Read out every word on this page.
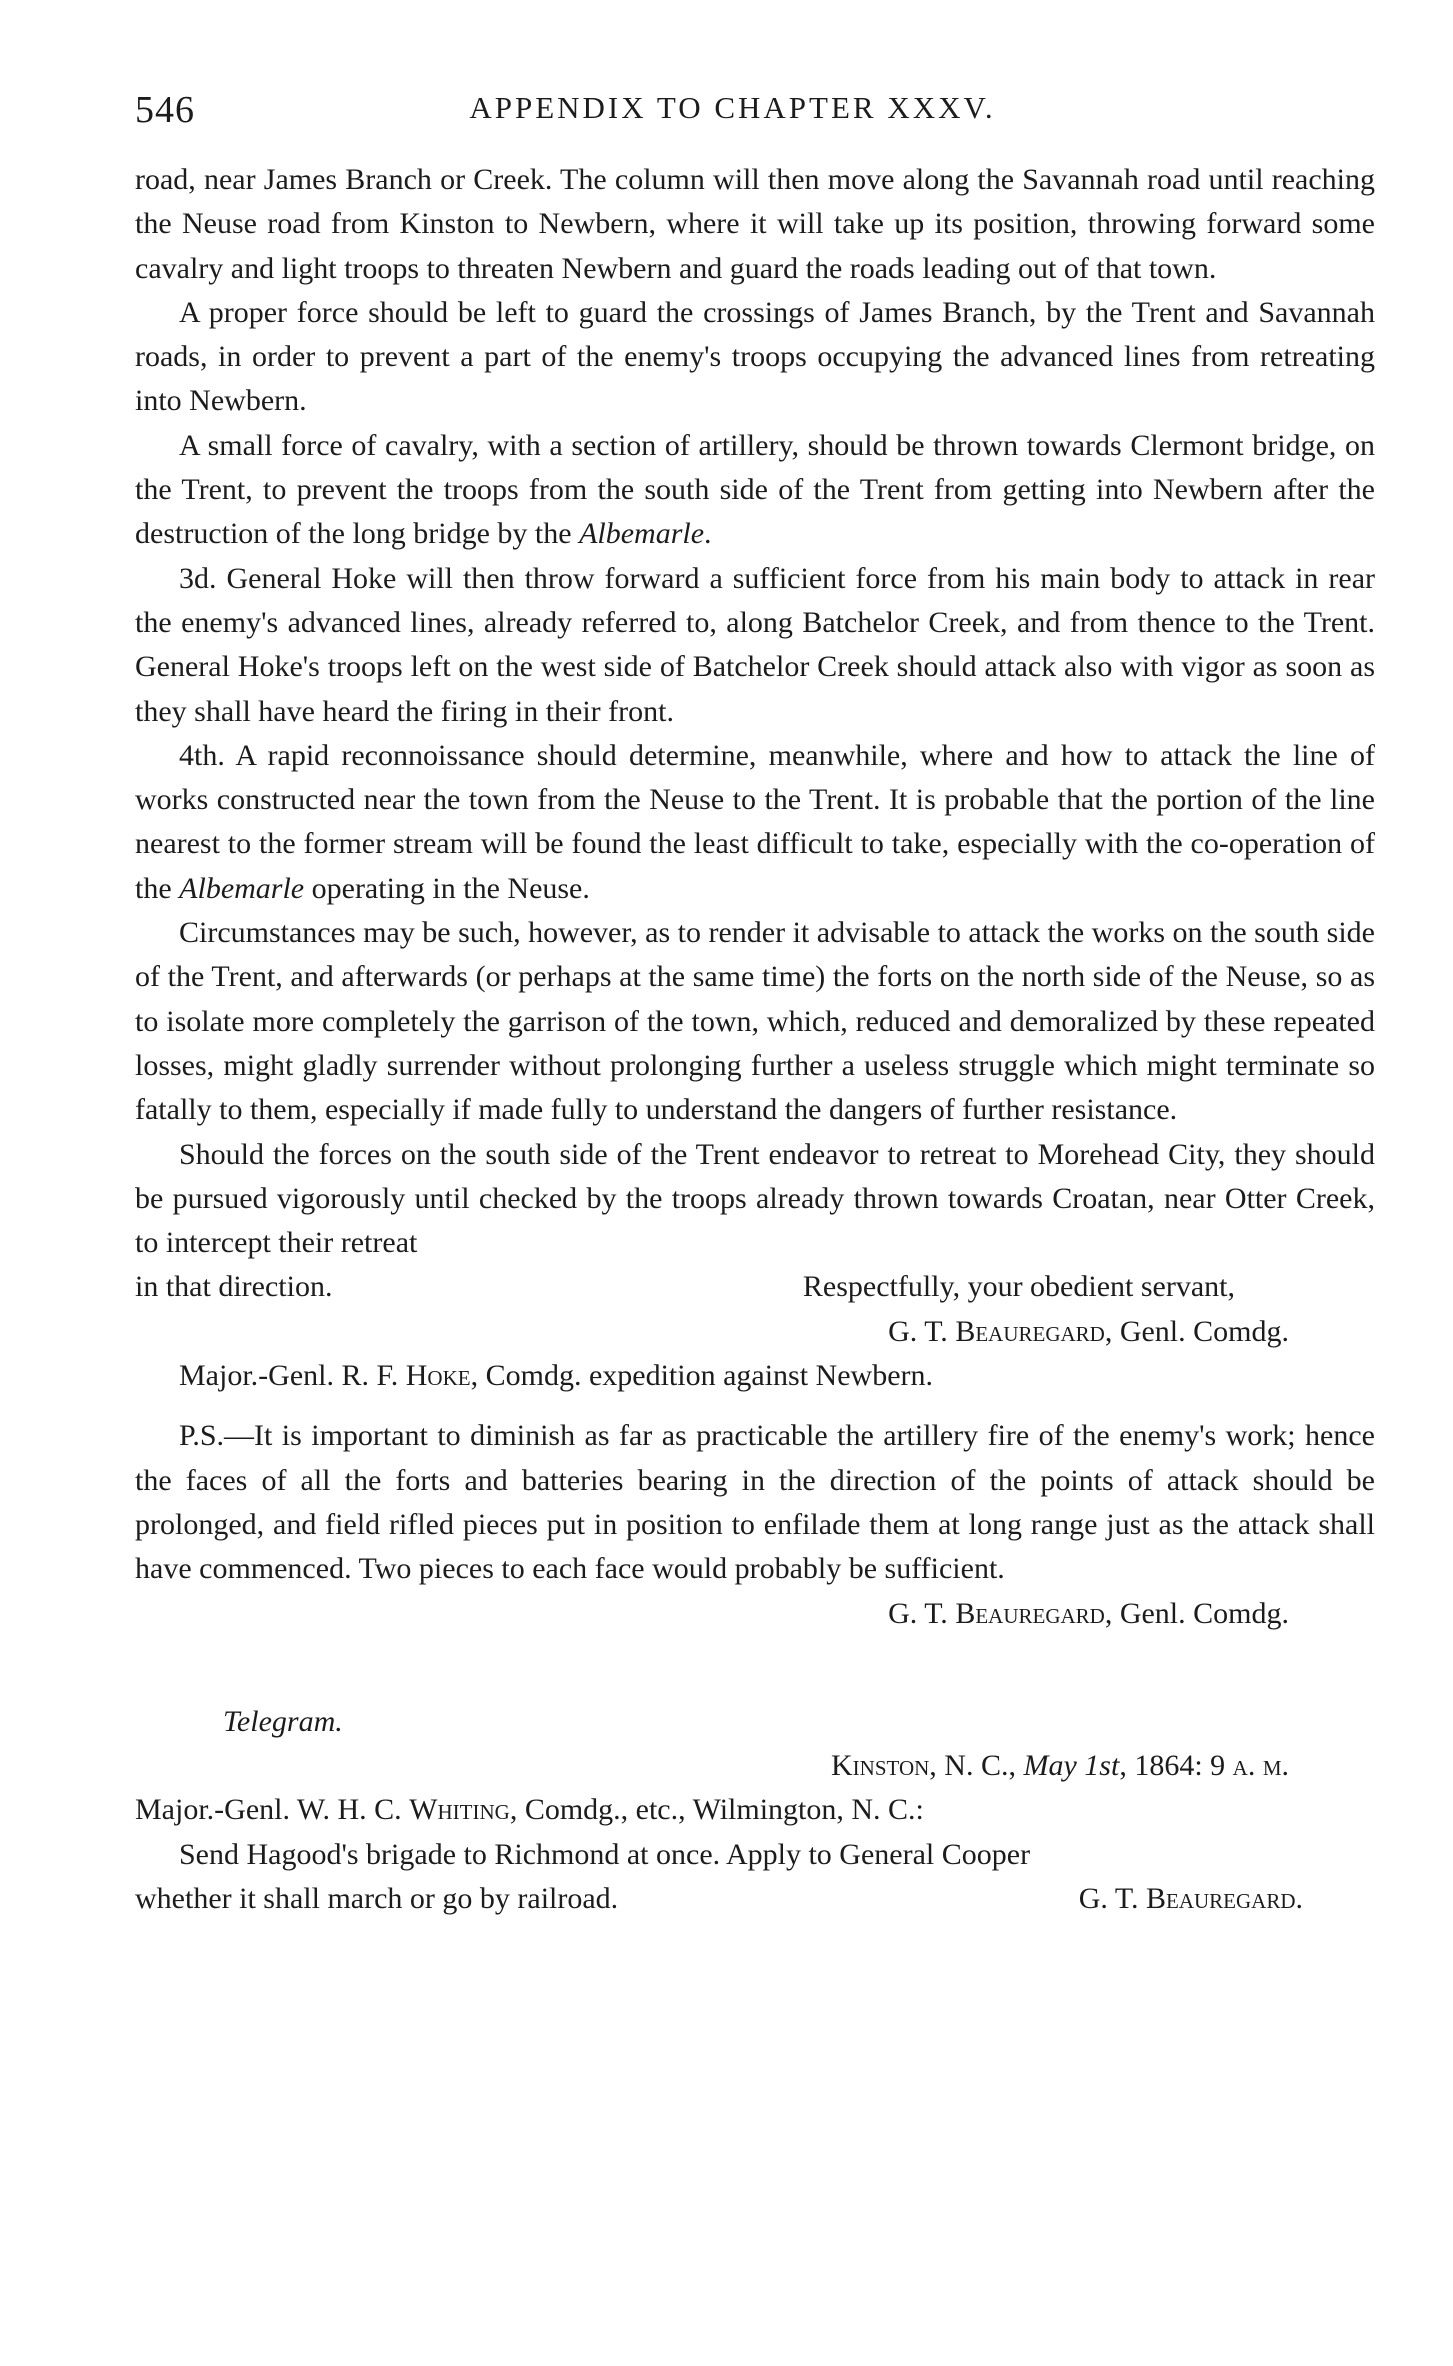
546	APPENDIX TO CHAPTER XXXV.

road, near James Branch or Creek. The column will then move along the Savannah road until reaching the Neuse road from Kinston to Newbern, where it will take up its position, throwing forward some cavalry and light troops to threaten Newbern and guard the roads leading out of that town.

A proper force should be left to guard the crossings of James Branch, by the Trent and Savannah roads, in order to prevent a part of the enemy's troops occupying the advanced lines from retreating into Newbern.

A small force of cavalry, with a section of artillery, should be thrown towards Clermont bridge, on the Trent, to prevent the troops from the south side of the Trent from getting into Newbern after the destruction of the long bridge by the Albemarle.

3d. General Hoke will then throw forward a sufficient force from his main body to attack in rear the enemy's advanced lines, already referred to, along Batchelor Creek, and from thence to the Trent. General Hoke's troops left on the west side of Batchelor Creek should attack also with vigor as soon as they shall have heard the firing in their front.

4th. A rapid reconnoissance should determine, meanwhile, where and how to attack the line of works constructed near the town from the Neuse to the Trent. It is probable that the portion of the line nearest to the former stream will be found the least difficult to take, especially with the co-operation of the Albemarle operating in the Neuse.

Circumstances may be such, however, as to render it advisable to attack the works on the south side of the Trent, and afterwards (or perhaps at the same time) the forts on the north side of the Neuse, so as to isolate more completely the garrison of the town, which, reduced and demoralized by these repeated losses, might gladly surrender without prolonging further a useless struggle which might terminate so fatally to them, especially if made fully to understand the dangers of further resistance.

Should the forces on the south side of the Trent endeavor to retreat to Morehead City, they should be pursued vigorously until checked by the troops already thrown towards Croatan, near Otter Creek, to intercept their retreat

in that direction.	Respectfully, your obedient servant,
G. T. Beauregard, Genl. Comdg.
Major.-Genl. R. F. Hoke, Comdg. expedition against Newbern.

P.S.—It is important to diminish as far as practicable the artillery fire of the enemy's work; hence the faces of all the forts and batteries bearing in the direction of the points of attack should be prolonged, and field rifled pieces put in position to enfilade them at long range just as the attack shall have commenced. Two pieces to each face would probably be sufficient.

G. T. Beauregard, Genl. Comdg.

Telegram.

Kinston, N. C., May 1st, 1864: 9 a. m.
Major.-Genl. W. H. C. Whiting, Comdg., etc., Wilmington, N. C.:
Send Hagood's brigade to Richmond at once. Apply to General Cooper
whether it shall march or go by railroad.	G. T. Beauregard.
